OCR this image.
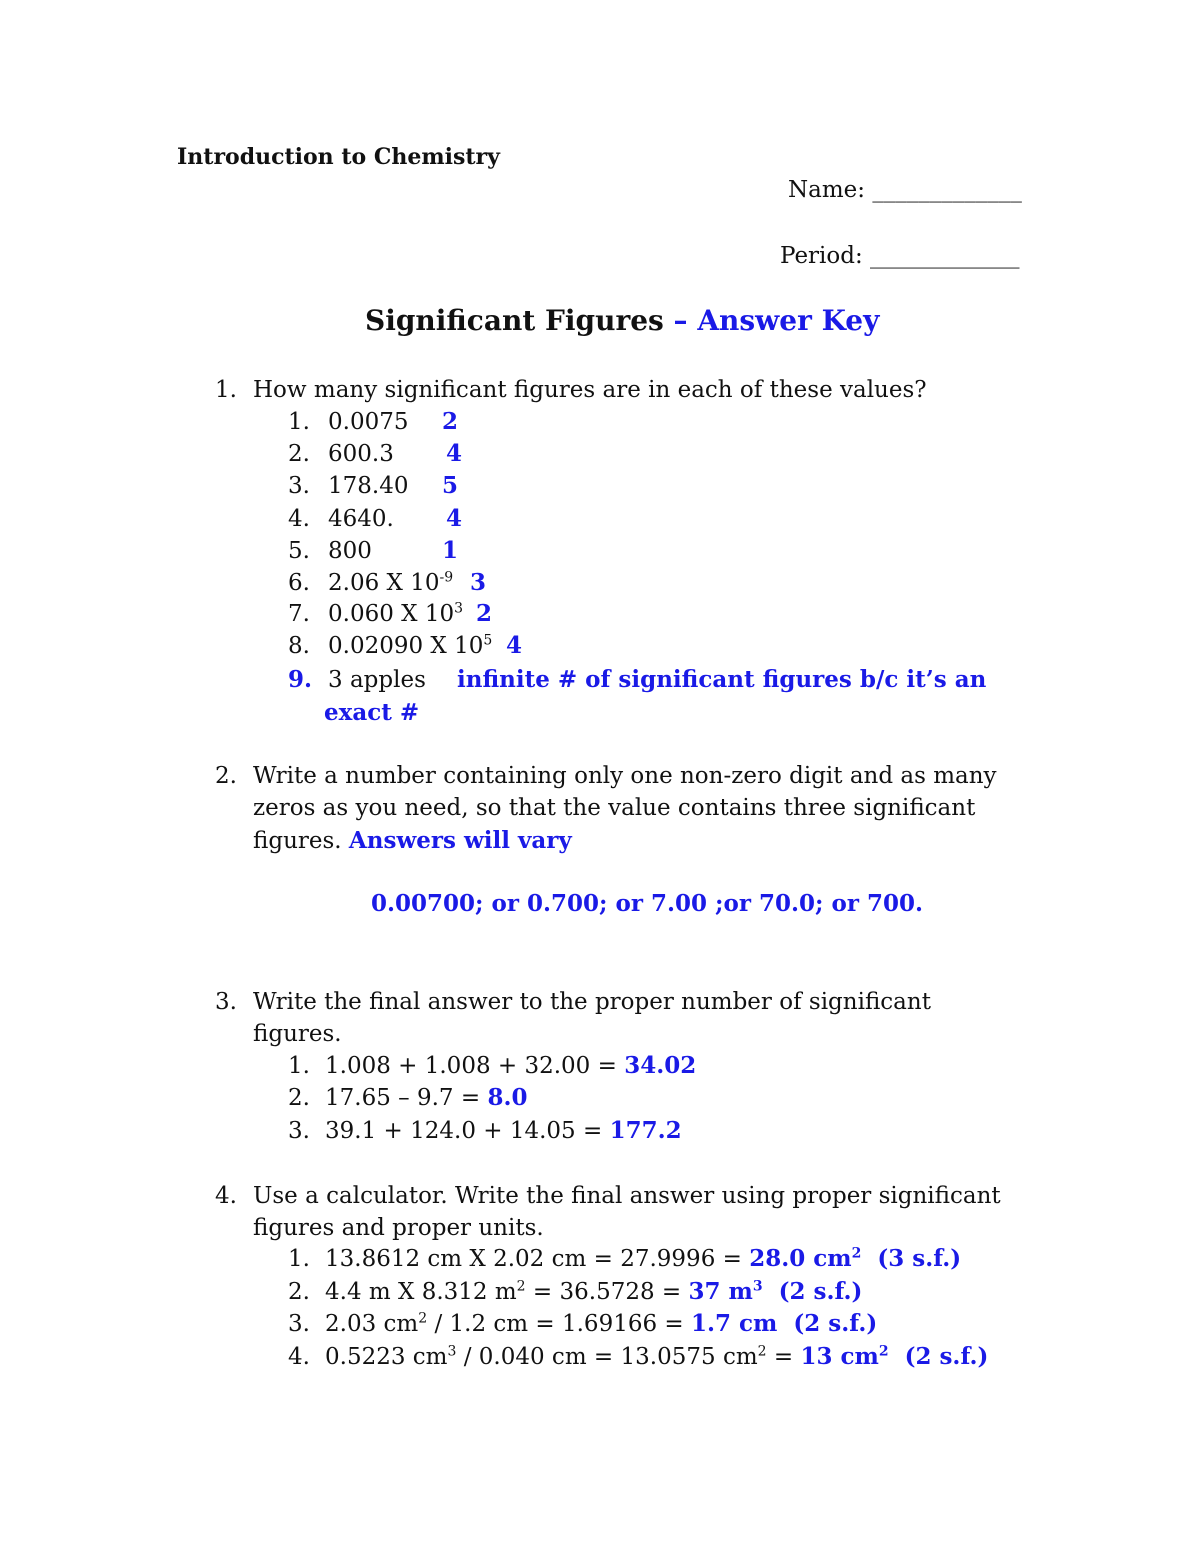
Introduction to Chemistry
Name: _____________
Period: _____________
Significant Figures – Answer Key
1. How many significant figures are in each of these values?
1. 0.0075 2
2. 600.3 4
3. 178.40 5
4. 4640. 4
5. 800	1
6. 2.06 X $10^{-9}$ 3
7. 0.060 X $10^3$ 2
8. 0.02090 X $10^5$ 4
9. 3 apples infinite # of significant figures b/c it’s an
exact #
2. Write a number containing only one non-zero digit and as many
zeros as you need, so that the value contains three significant
figures. Answers will vary
0.00700; or 0.700; or 7.00 ;or 70.0; or 700.
3. Write the final answer to the proper number of significant
figures.
1. 1.008 + 1.008 + 32.00 = 34.02
2. 17.65 – 9.7 = 8.0
3. 39.1 + 124.0 + 14.05 = 177.2
4. Use a calculator. Write the final answer using proper significant
figures and proper units.
1. 13.8612 cm X 2.02 cm = 27.9996 = 28.0 $cm^2$ (3 s.f.)
2. 4.4 m X 8.312 $m^2 = 36.5728 = 37$ $m^3$ (2 s.f.)
3. 2.03 $cm^2 / 1.2$ cm = 1.69166 = 1.7 cm (2 s.f.)
4. 0.5223 $cm^3 / 0.040$ cm = 13.0575 $cm^2 = 13$ $cm^2$ (2 s.f.)
